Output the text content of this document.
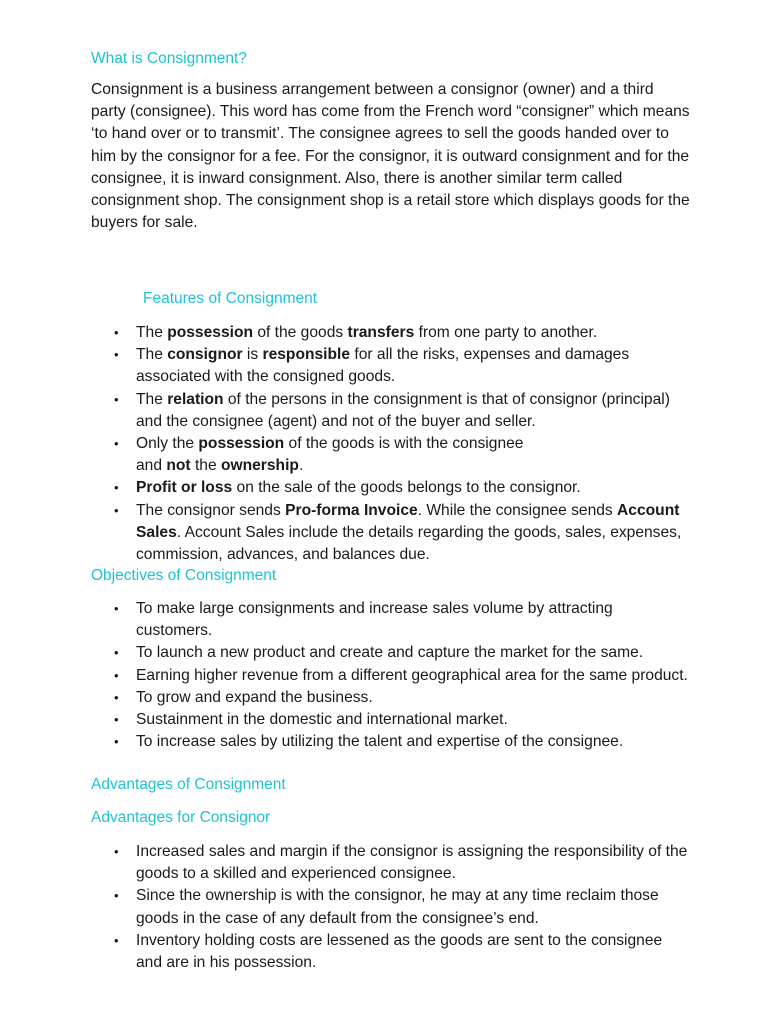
What is Consignment?

Consignment is a business arrangement between a consignor (owner) and a third party (consignee). This word has come from the French word “consigner” which means ‘to hand over or to transmit’. The consignee agrees to sell the goods handed over to him by the consignor for a fee. For the consignor, it is outward consignment and for the consignee, it is inward consignment. Also, there is another similar term called consignment shop. The consignment shop is a retail store which displays goods for the buyers for sale.

Features of Consignment
• The possession of the goods transfers from one party to another.
• The consignor is responsible for all the risks, expenses and damages associated with the consigned goods.
• The relation of the persons in the consignment is that of consignor (principal) and the consignee (agent) and not of the buyer and seller.
• Only the possession of the goods is with the consignee and not the ownership.
• Profit or loss on the sale of the goods belongs to the consignor.
• The consignor sends Pro-forma Invoice. While the consignee sends Account Sales. Account Sales include the details regarding the goods, sales, expenses, commission, advances, and balances due.
Objectives of Consignment
• To make large consignments and increase sales volume by attracting customers.
• To launch a new product and create and capture the market for the same.
• Earning higher revenue from a different geographical area for the same product.
• To grow and expand the business.
• Sustainment in the domestic and international market.
• To increase sales by utilizing the talent and expertise of the consignee.
Advantages of Consignment
Advantages for Consignor
• Increased sales and margin if the consignor is assigning the responsibility of the goods to a skilled and experienced consignee.
• Since the ownership is with the consignor, he may at any time reclaim those goods in the case of any default from the consignee’s end.
• Inventory holding costs are lessened as the goods are sent to the consignee and are in his possession.
